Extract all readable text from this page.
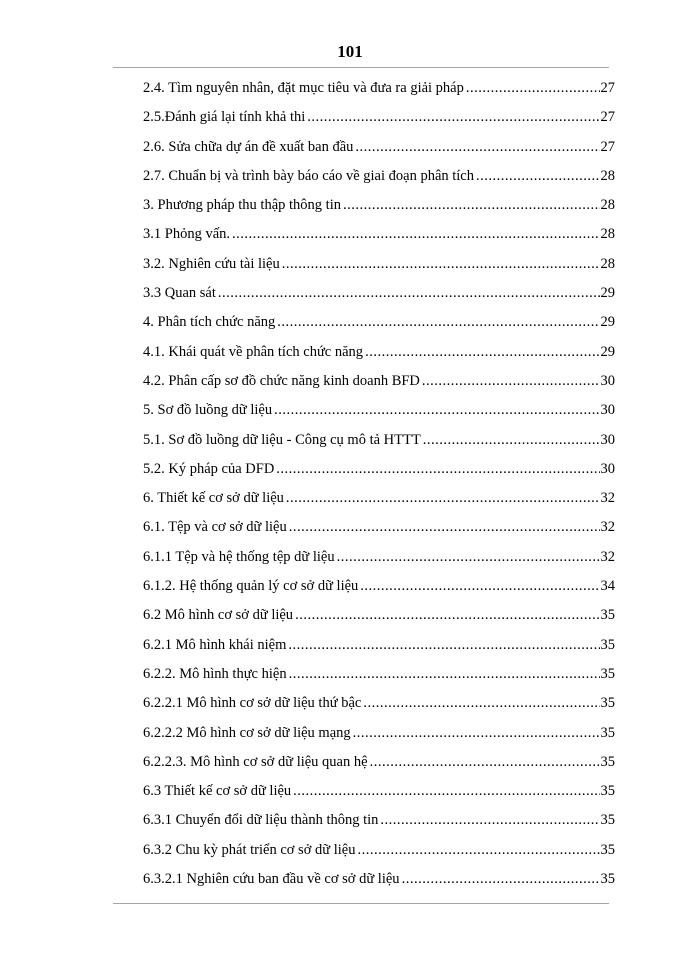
101
2.4. Tìm nguyên nhân, đặt mục tiêu và đưa ra giải pháp .....	27
2.5.Đánh giá lại tính khả thi .....	27
2.6. Sửa chữa dự án đề xuất ban đầu .....	27
2.7. Chuẩn bị và trình bày báo cáo về giai đoạn phân tích .....	28
3. Phương pháp thu thập thông tin .....	28
3.1 Phỏng vấn. .....	28
3.2. Nghiên cứu tài liệu .....	28
3.3 Quan sát .....	29
4. Phân tích chức năng .....	29
4.1. Khái quát về phân tích chức năng .....	29
4.2. Phân cấp sơ đồ chức năng kinh doanh BFD .....	30
5. Sơ đồ luồng dữ liệu .....	30
5.1. Sơ đồ luồng dữ liệu - Công cụ mô tả HTTT .....	30
5.2. Ký pháp của DFD .....	30
6. Thiết kế cơ sở dữ liệu .....	32
6.1. Tệp và cơ sở dữ liệu .....	32
6.1.1 Tệp và hệ thống tệp dữ liệu .....	32
6.1.2. Hệ thống quản lý cơ sở dữ liệu .....	34
6.2 Mô hình cơ sở dữ liệu .....	35
6.2.1 Mô hình khái niệm .....	35
6.2.2. Mô hình thực hiện .....	35
6.2.2.1 Mô hình cơ sở dữ liệu thứ bậc .....	35
6.2.2.2 Mô hình cơ sở dữ liệu mạng .....	35
6.2.2.3. Mô hình cơ sở dữ liệu quan hệ .....	35
6.3 Thiết kế cơ sở dữ liệu .....	35
6.3.1 Chuyển đổi dữ liệu thành thông tin .....	35
6.3.2 Chu kỳ phát triển cơ sở dữ liệu .....	35
6.3.2.1 Nghiên cứu ban đầu về cơ sở dữ liệu .....	35
